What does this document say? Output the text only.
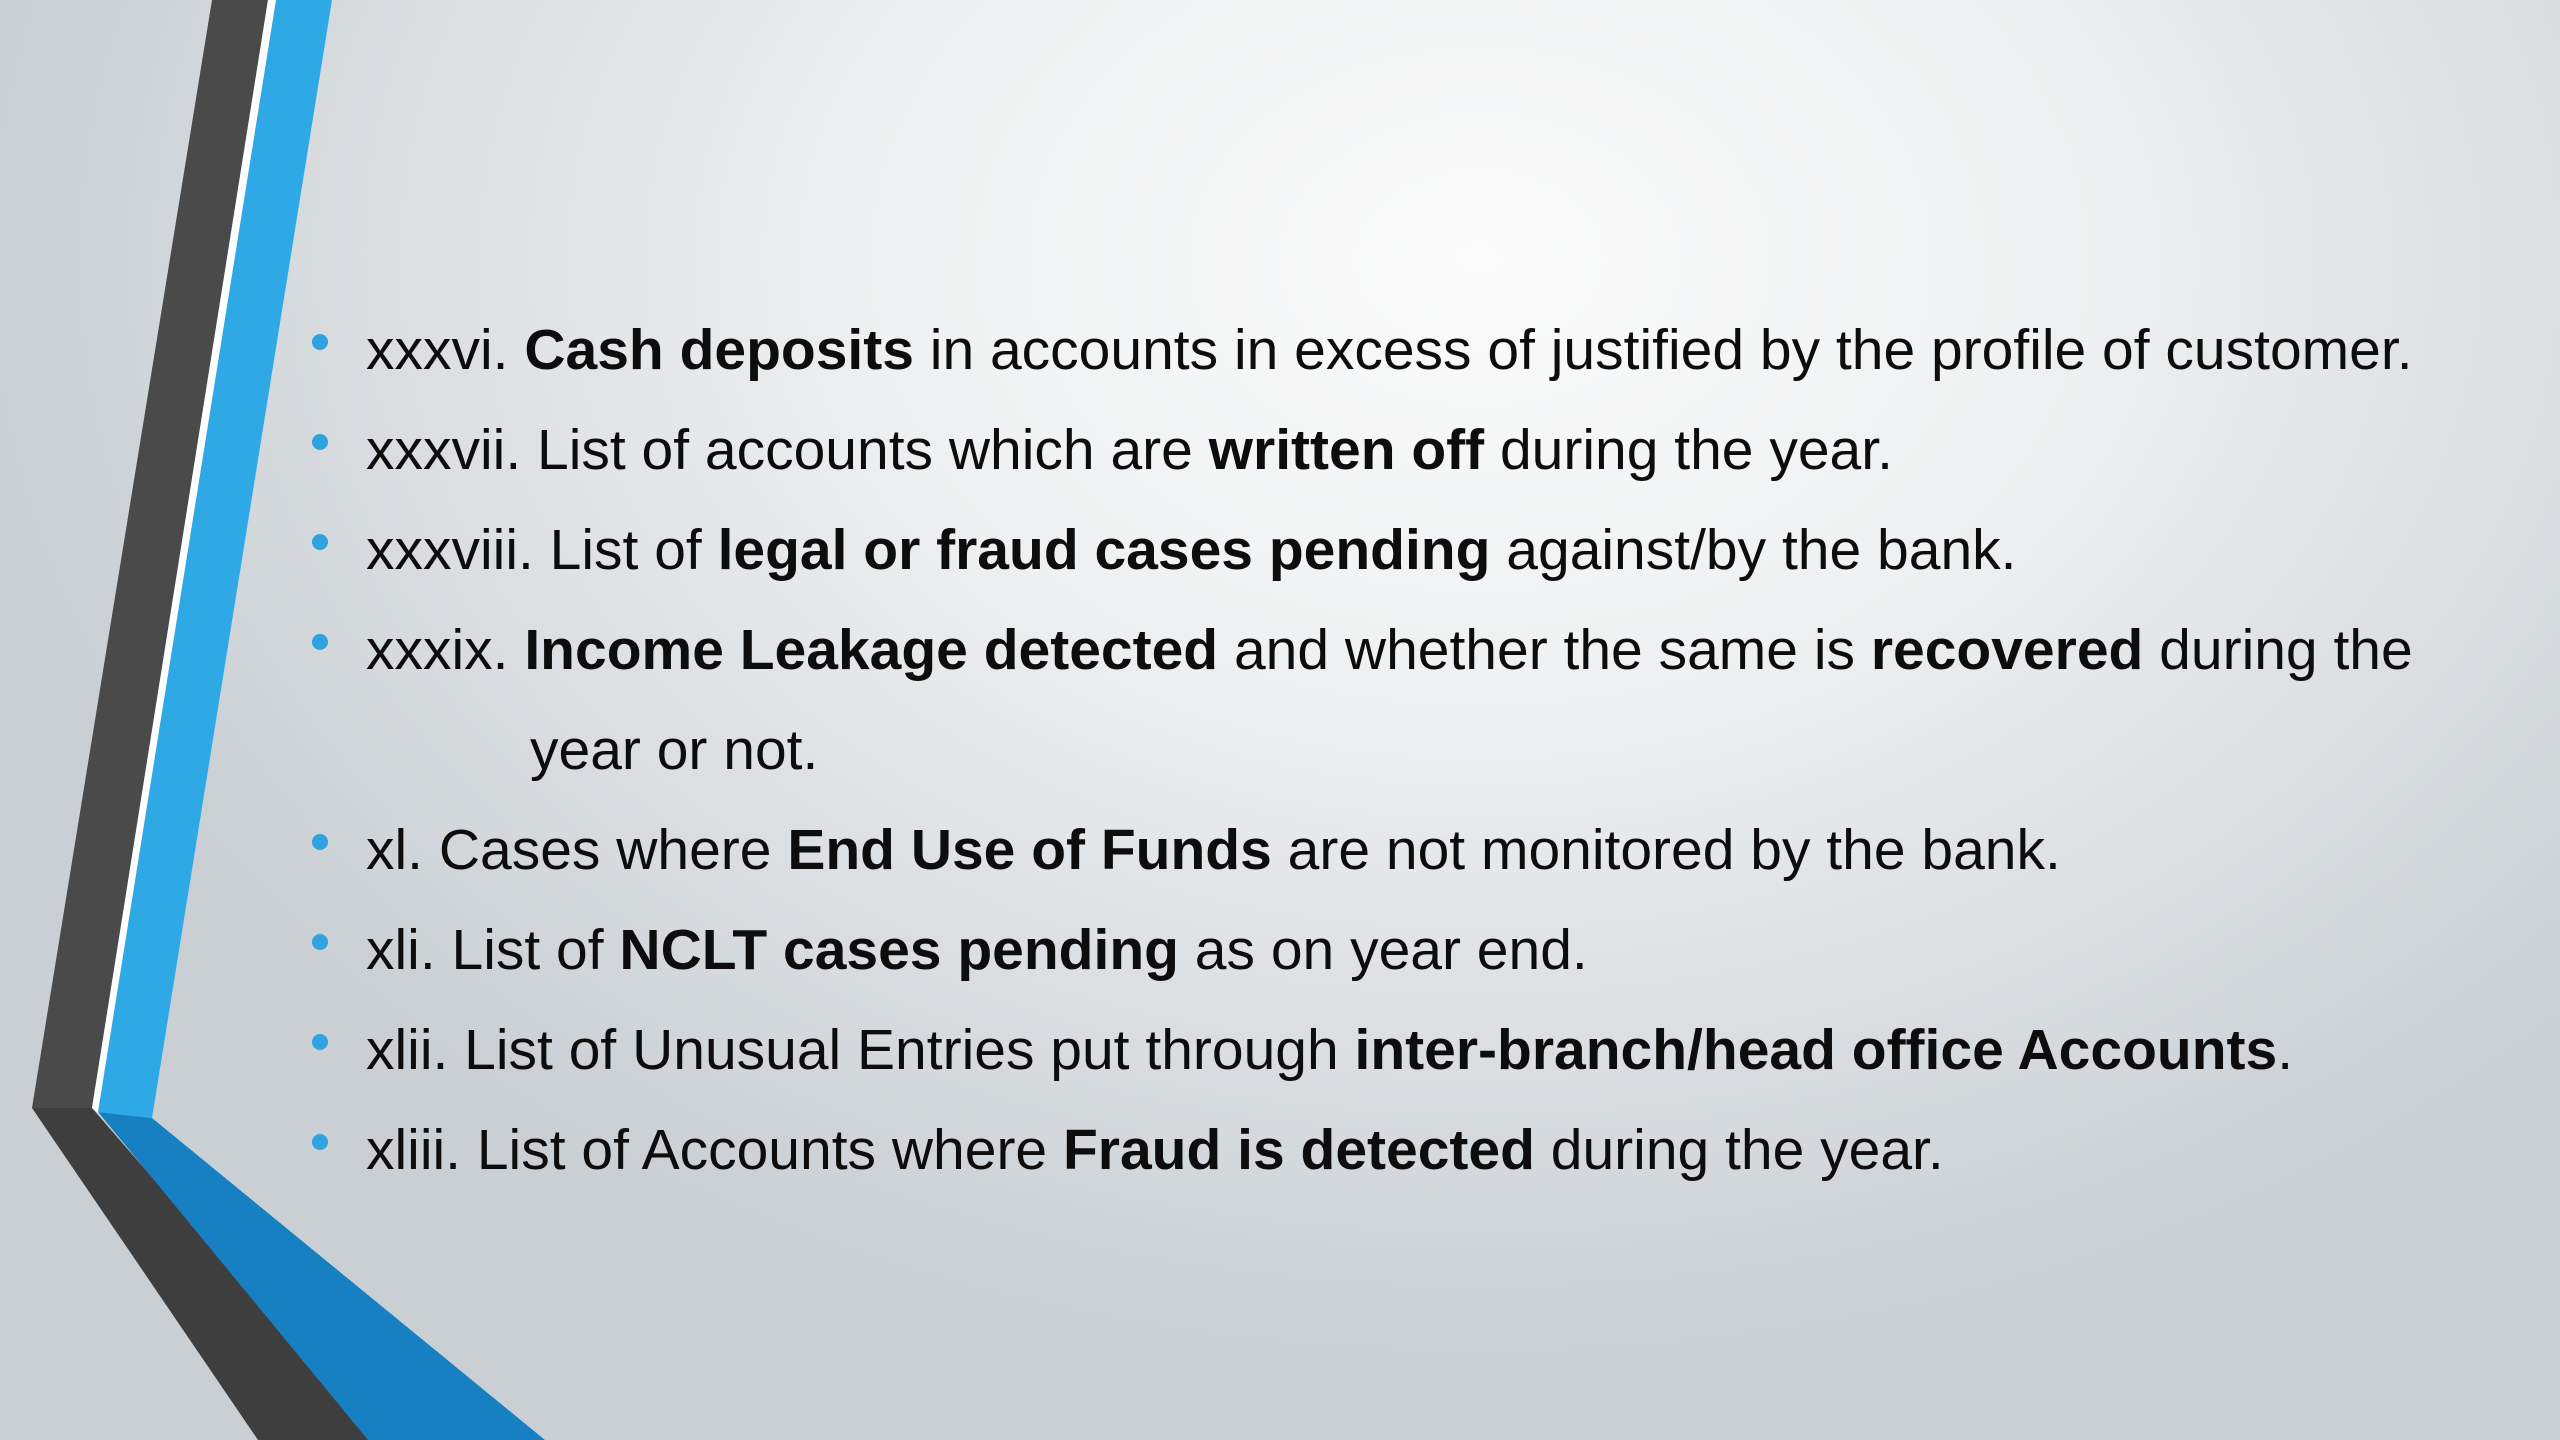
xxxvi. Cash deposits in accounts in excess of justified by the profile of customer.
xxxvii. List of accounts which are written off during the year.
xxxviii. List of legal or fraud cases pending against/by the bank.
xxxix. Income Leakage detected and whether the same is recovered during the
year or not.
xl. Cases where End Use of Funds are not monitored by the bank.
xli. List of NCLT cases pending as on year end.
xlii. List of Unusual Entries put through inter-branch/head office Accounts.
xliii. List of Accounts where Fraud is detected during the year.
